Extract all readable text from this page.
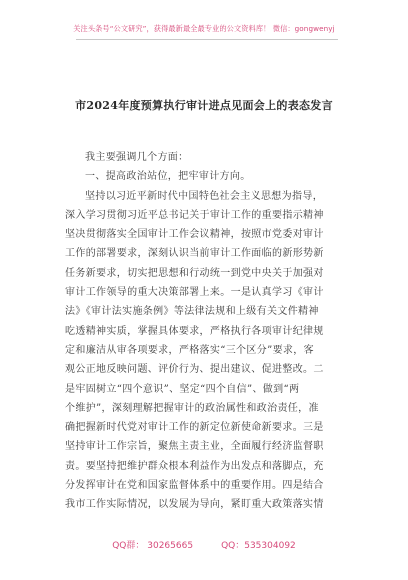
关注头条号“公文研究”，获得最新最全最专业的公文资料库！ 微信：gongwenyj
市2024年度预算执行审计进点见面会上的表态发言
我主要强调几个方面：
一、提高政治站位，把牢审计方向。
坚持以习近平新时代中国特色社会主义思想为指导，
深入学习贯彻习近平总书记关于审计工作的重要指示精神
坚决贯彻落实全国审计工作会议精神，按照市党委对审计
工作的部署要求，深刻认识当前审计工作面临的新形势新
任务新要求，切实把思想和行动统一到党中央关于加强对
审计工作领导的重大决策部署上来。一是认真学习《审计
法》《审计法实施条例》等法律法规和上级有关文件精神
吃透精神实质，掌握具体要求，严格执行各项审计纪律规
定和廉洁从审各项要求，严格落实“三个区分”要求，客
观公正地反映问题、评价行为、提出建议、促进整改。二
是牢固树立“四个意识”、坚定“四个自信”、做到“两
个维护”，深刻理解把握审计的政治属性和政治责任，准
确把握新时代党对审计工作的新定位新使命新要求。三是
坚持审计工作宗旨，聚焦主责主业，全面履行经济监督职
责。要坚持把维护群众根本利益作为出发点和落脚点，充
分发挥审计在党和国家监督体系中的重要作用。四是结合
我市工作实际情况，以发展为导向，紧盯重大政策落实情
QQ群： 30265665	QQ：535304092
